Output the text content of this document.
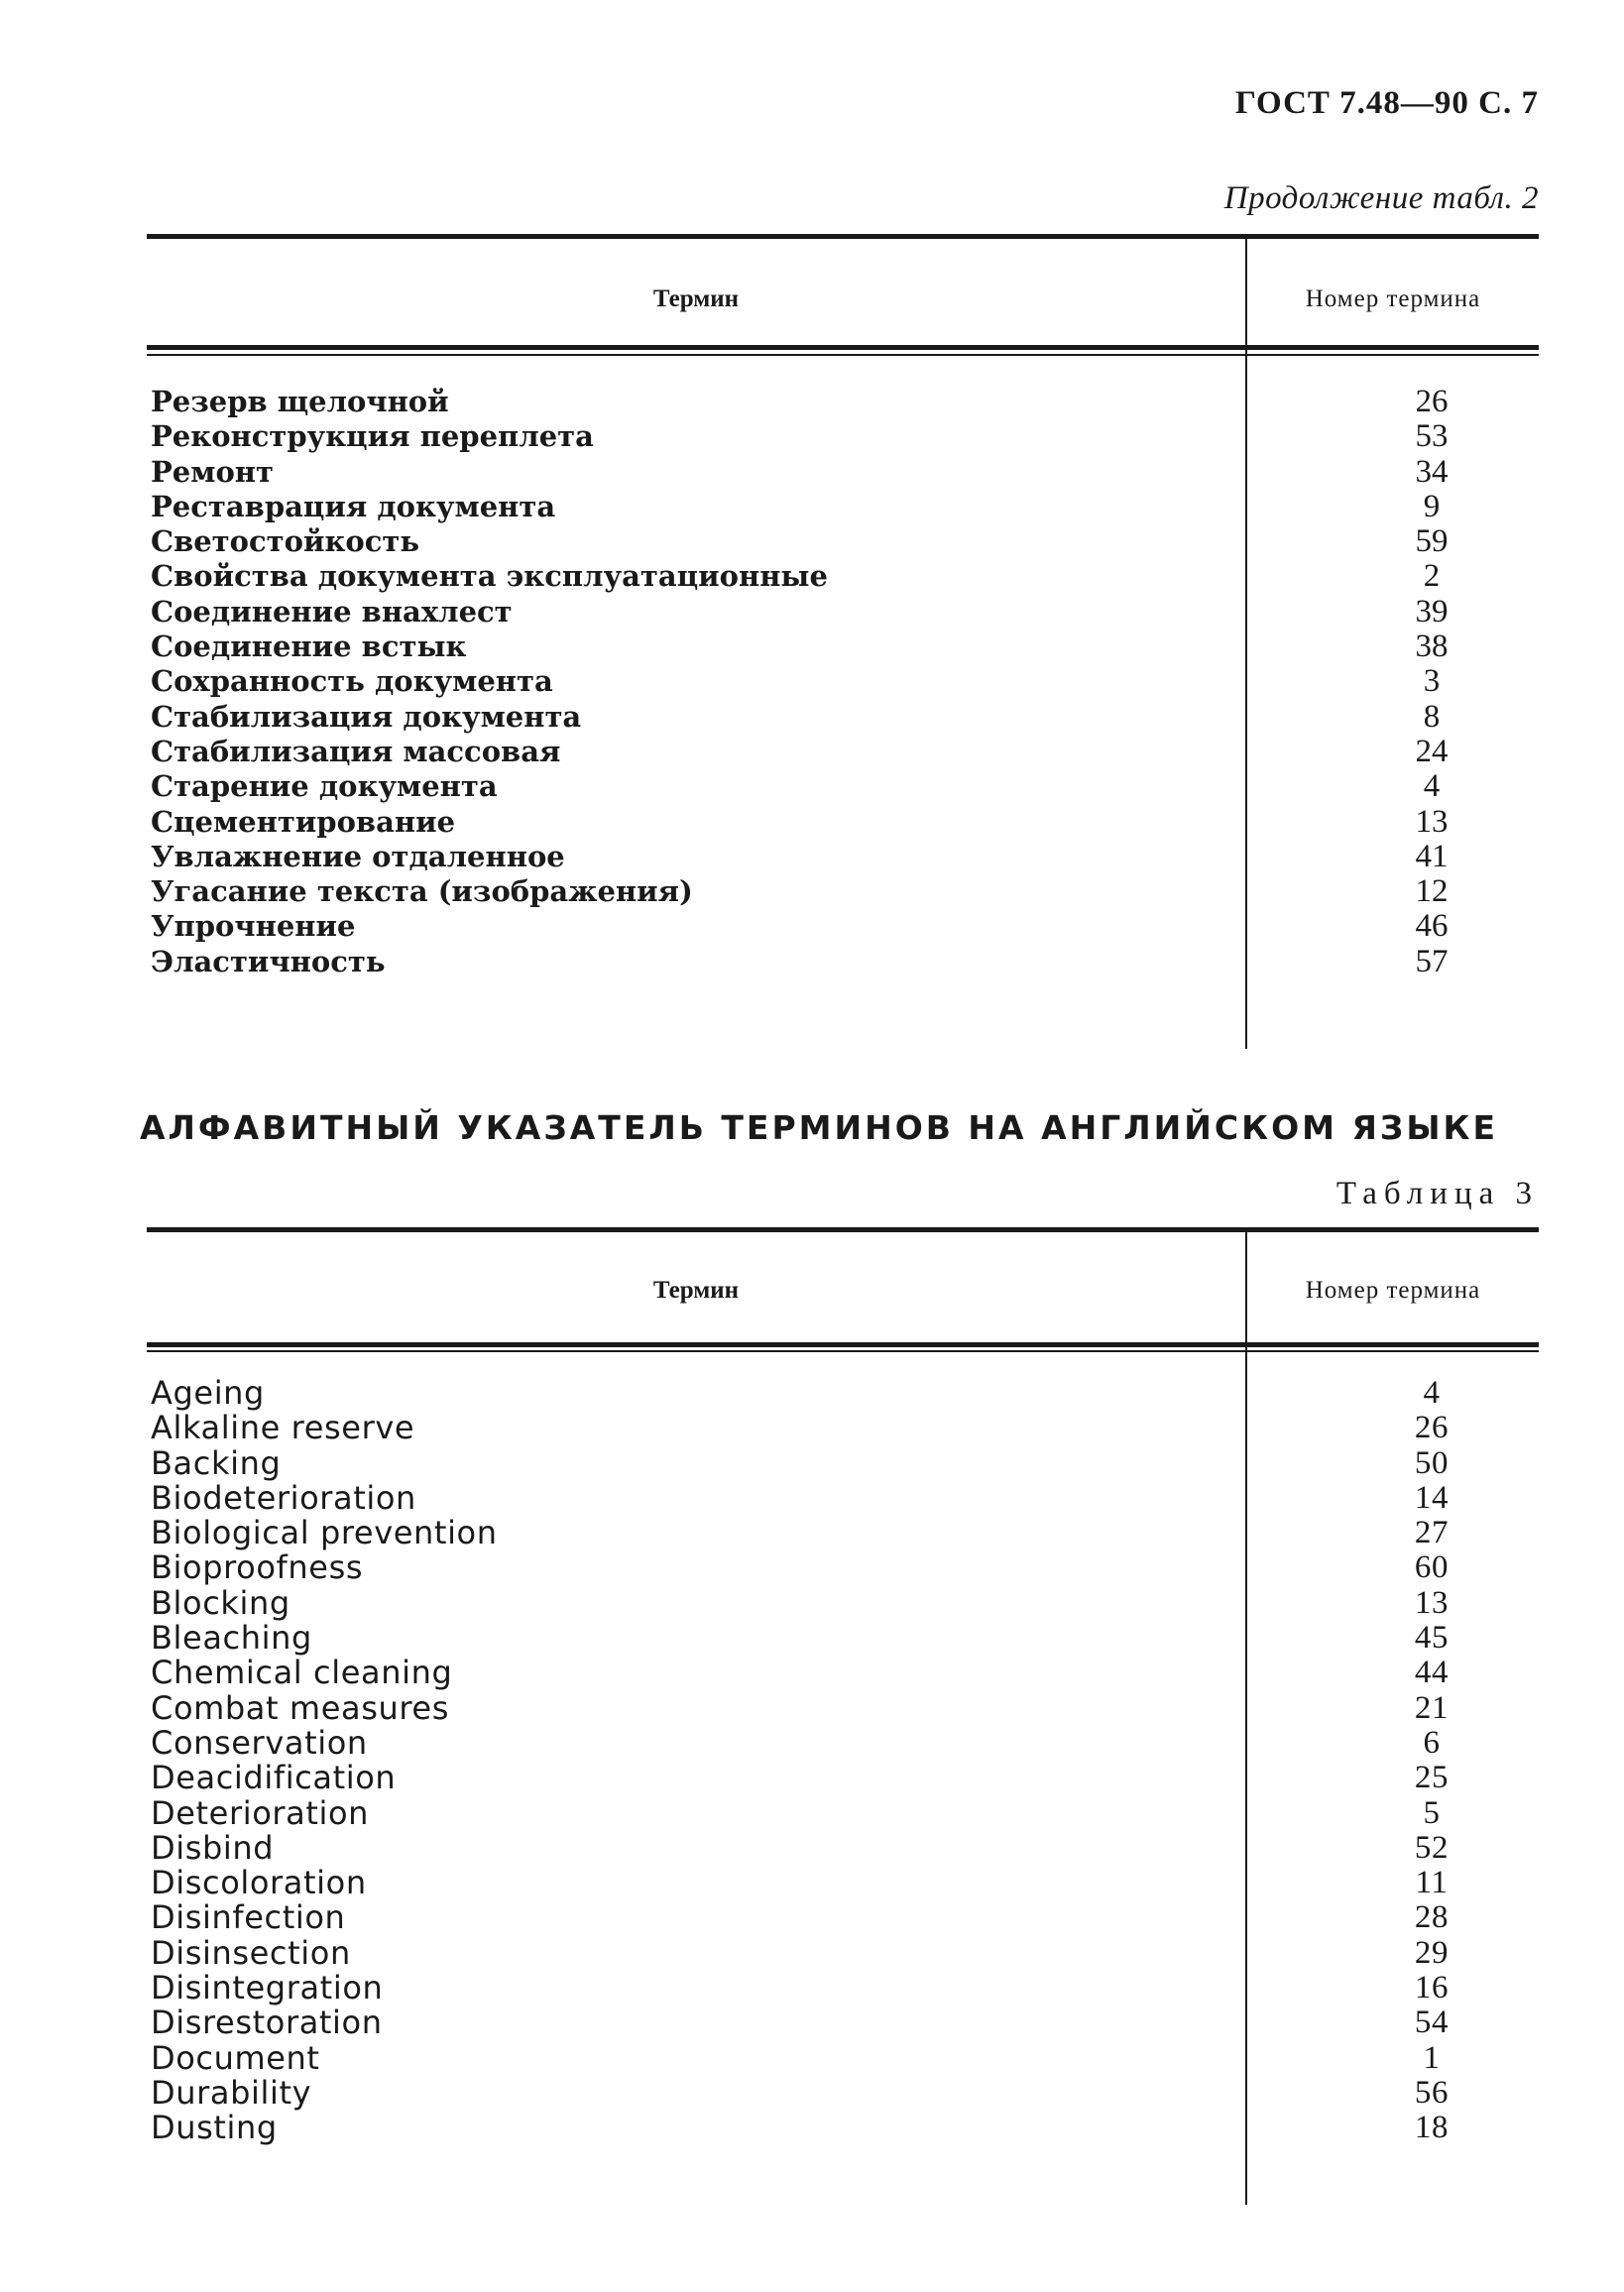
ГОСТ 7.48—90 С. 7
Продолжение табл. 2
Термин	Номер термина
Резерв щелочной	26
Реконструкция переплета	53
Ремонт	34
Реставрация документа	9
Светостойкость	59
Свойства документа эксплуатационные	2
Соединение внахлест	39
Соединение встык	38
Сохранность документа	3
Стабилизация документа	8
Стабилизация массовая	24
Старение документа	4
Сцементирование	13
Увлажнение отдаленное	41
Угасание текста (изображения)	12
Упрочнение	46
Эластичность	57
АЛФАВИТНЫЙ УКАЗАТЕЛЬ ТЕРМИНОВ НА АНГЛИЙСКОМ ЯЗЫКЕ
Таблица 3
Термин	Номер термина
Ageing	4
Alkaline reserve	26
Backing	50
Biodeterioration	14
Biological prevention	27
Bioproofness	60
Blocking	13
Bleaching	45
Chemical cleaning	44
Combat measures	21
Conservation	6
Deacidification	25
Deterioration	5
Disbind	52
Discoloration	11
Disinfection	28
Disinsection	29
Disintegration	16
Disrestoration	54
Document	1
Durability	56
Dusting	18
